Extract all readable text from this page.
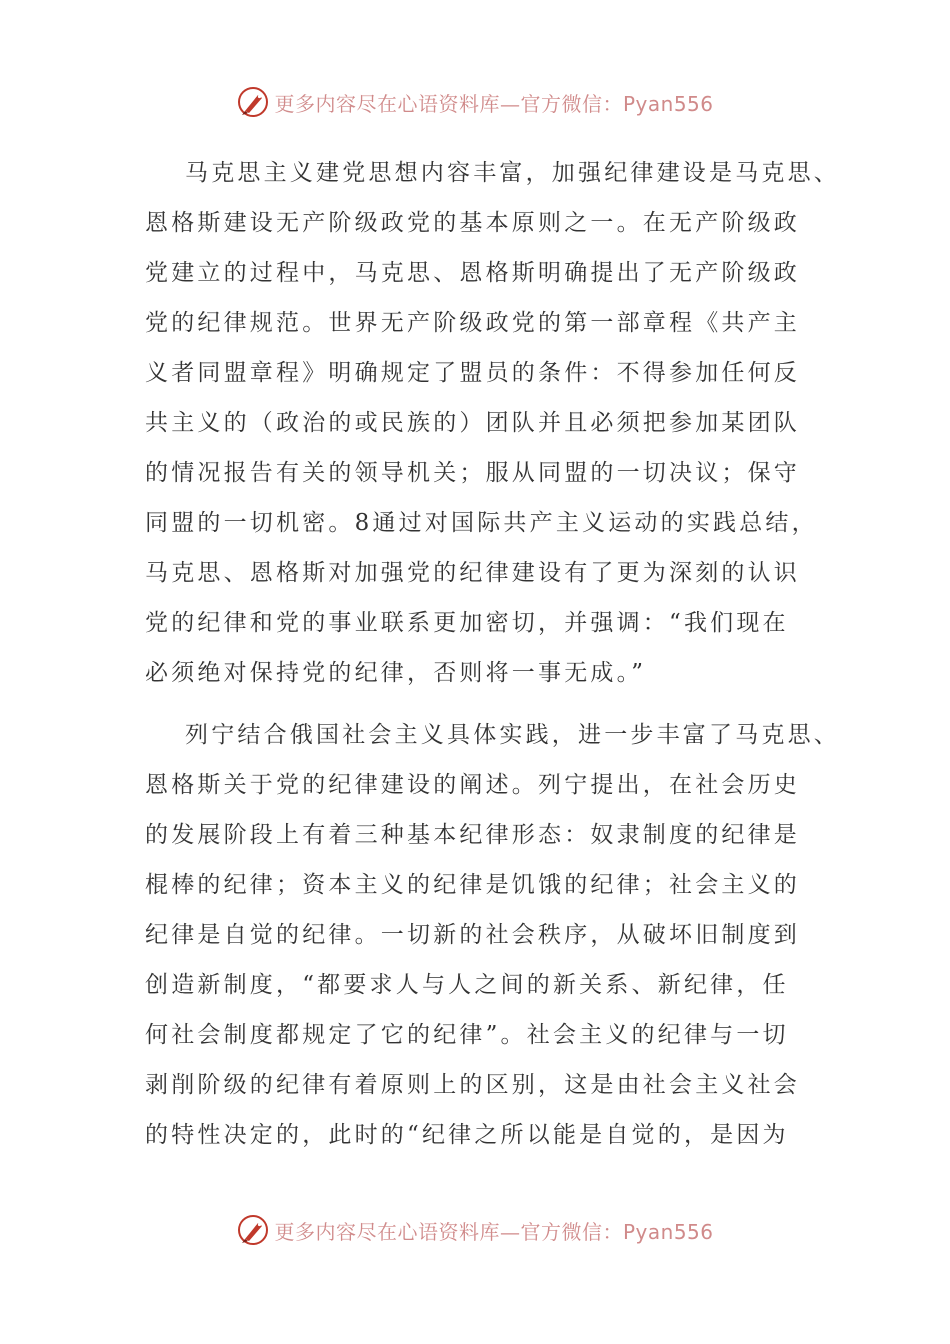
更多内容尽在心语资料库—官方微信：Pyan556

马克思主义建党思想内容丰富，加强纪律建设是马克思、
恩格斯建设无产阶级政党的基本原则之一。在无产阶级政
党建立的过程中，马克思、恩格斯明确提出了无产阶级政
党的纪律规范。世界无产阶级政党的第一部章程《共产主
义者同盟章程》明确规定了盟员的条件：不得参加任何反
共主义的（政治的或民族的）团队并且必须把参加某团队
的情况报告有关的领导机关；服从同盟的一切决议；保守
同盟的一切机密。8通过对国际共产主义运动的实践总结，
马克思、恩格斯对加强党的纪律建设有了更为深刻的认识
党的纪律和党的事业联系更加密切，并强调：“我们现在
必须绝对保持党的纪律，否则将一事无成。”

列宁结合俄国社会主义具体实践，进一步丰富了马克思、
恩格斯关于党的纪律建设的阐述。列宁提出，在社会历史
的发展阶段上有着三种基本纪律形态：奴隶制度的纪律是
棍棒的纪律；资本主义的纪律是饥饿的纪律；社会主义的
纪律是自觉的纪律。一切新的社会秩序，从破坏旧制度到
创造新制度，“都要求人与人之间的新关系、新纪律，任
何社会制度都规定了它的纪律”。社会主义的纪律与一切
剥削阶级的纪律有着原则上的区别，这是由社会主义社会
的特性决定的，此时的“纪律之所以能是自觉的，是因为

更多内容尽在心语资料库—官方微信：Pyan556
